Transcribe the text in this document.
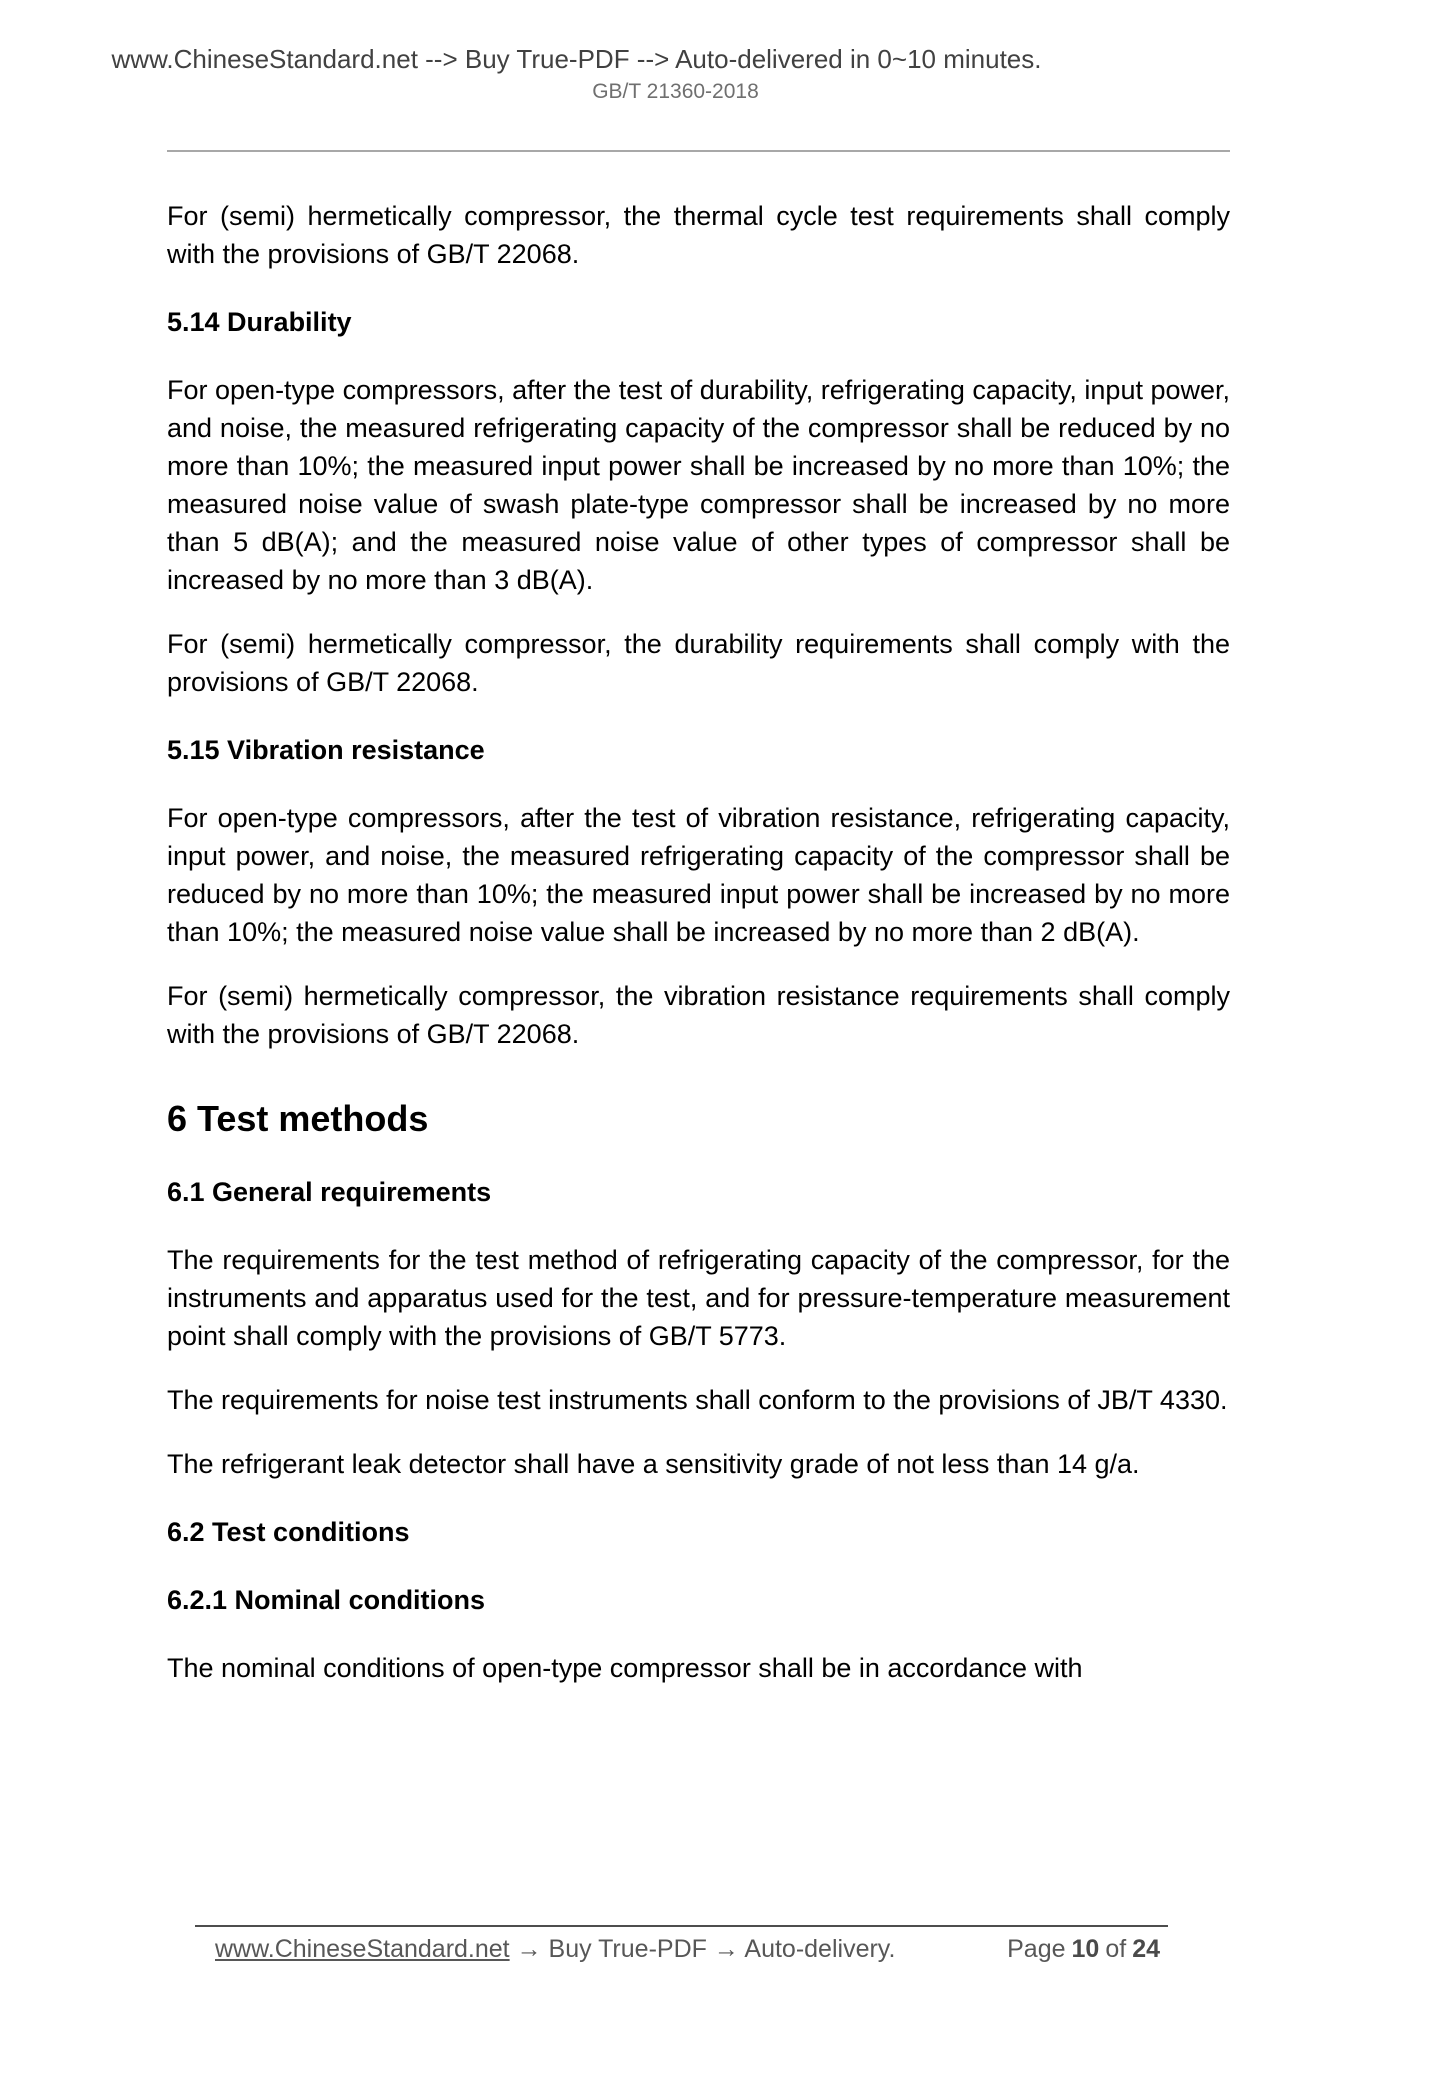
www.ChineseStandard.net --> Buy True-PDF --> Auto-delivered in 0~10 minutes.
GB/T 21360-2018
For (semi) hermetically compressor, the thermal cycle test requirements shall comply with the provisions of GB/T 22068.
5.14 Durability
For open-type compressors, after the test of durability, refrigerating capacity, input power, and noise, the measured refrigerating capacity of the compressor shall be reduced by no more than 10%; the measured input power shall be increased by no more than 10%; the measured noise value of swash plate-type compressor shall be increased by no more than 5 dB(A); and the measured noise value of other types of compressor shall be increased by no more than 3 dB(A).
For (semi) hermetically compressor, the durability requirements shall comply with the provisions of GB/T 22068.
5.15 Vibration resistance
For open-type compressors, after the test of vibration resistance, refrigerating capacity, input power, and noise, the measured refrigerating capacity of the compressor shall be reduced by no more than 10%; the measured input power shall be increased by no more than 10%; the measured noise value shall be increased by no more than 2 dB(A).
For (semi) hermetically compressor, the vibration resistance requirements shall comply with the provisions of GB/T 22068.
6 Test methods
6.1 General requirements
The requirements for the test method of refrigerating capacity of the compressor, for the instruments and apparatus used for the test, and for pressure-temperature measurement point shall comply with the provisions of GB/T 5773.
The requirements for noise test instruments shall conform to the provisions of JB/T 4330.
The refrigerant leak detector shall have a sensitivity grade of not less than 14 g/a.
6.2 Test conditions
6.2.1 Nominal conditions
The nominal conditions of open-type compressor shall be in accordance with
www.ChineseStandard.net → Buy True-PDF → Auto-delivery.	Page 10 of 24
